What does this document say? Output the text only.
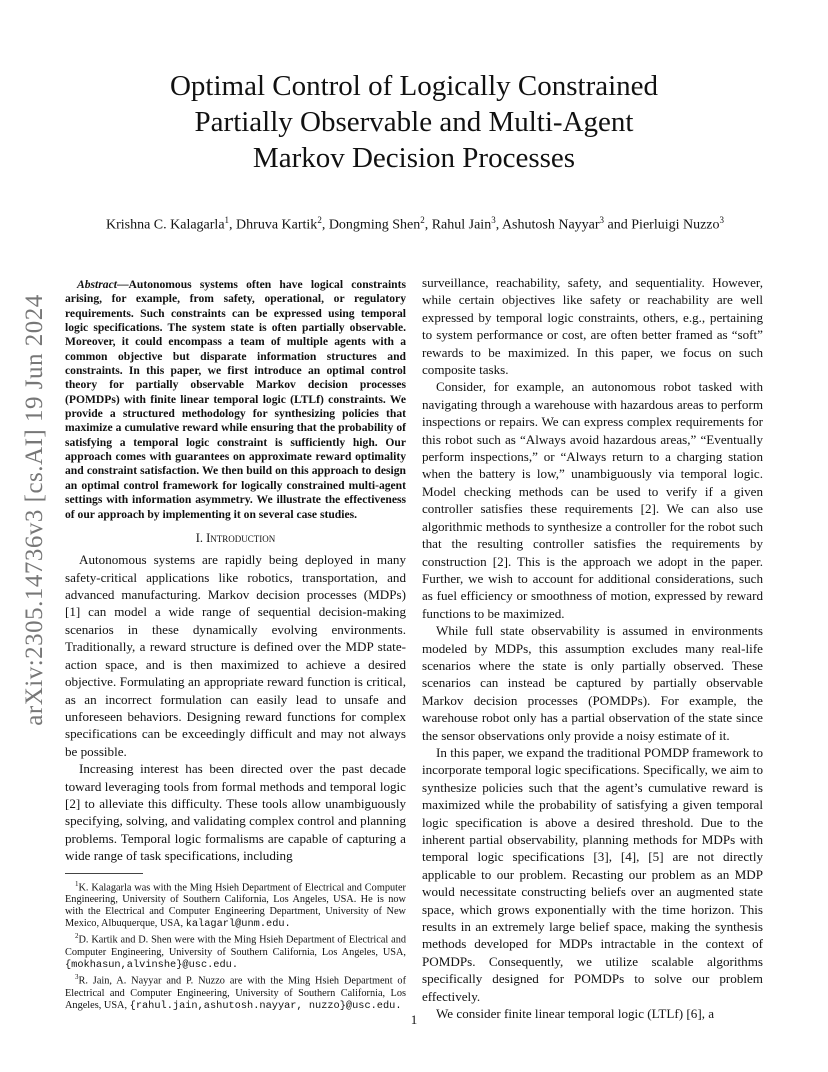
arXiv:2305.14736v3 [cs.AI] 19 Jun 2024
Optimal Control of Logically Constrained
Partially Observable and Multi-Agent
Markov Decision Processes
Krishna C. Kalagarla$^1$, Dhruva Kartik$^2$, Dongming Shen$^2$, Rahul Jain$^3$, Ashutosh Nayyar$^3$ and Pierluigi Nuzzo$^3$
Abstract—Autonomous systems often have logical constraints arising, for example, from safety, operational, or regulatory requirements. Such constraints can be expressed using temporal logic specifications. The system state is often partially observable. Moreover, it could encompass a team of multiple agents with a common objective but disparate information structures and constraints. In this paper, we first introduce an optimal control theory for partially observable Markov decision processes (POMDPs) with finite linear temporal logic (LTLf) constraints. We provide a structured methodology for synthesizing policies that maximize a cumulative reward while ensuring that the probability of satisfying a temporal logic constraint is sufficiently high. Our approach comes with guarantees on approximate reward optimality and constraint satisfaction. We then build on this approach to design an optimal control framework for logically constrained multi-agent settings with information asymmetry. We illustrate the effectiveness of our approach by implementing it on several case studies.
I. Introduction

Autonomous systems are rapidly being deployed in many safety-critical applications like robotics, transportation, and advanced manufacturing. Markov decision processes (MDPs) [1] can model a wide range of sequential decision-making scenarios in these dynamically evolving environments. Traditionally, a reward structure is defined over the MDP state-action space, and is then maximized to achieve a desired objective. Formulating an appropriate reward function is critical, as an incorrect formulation can easily lead to unsafe and unforeseen behaviors. Designing reward functions for complex specifications can be exceedingly difficult and may not always be possible.

Increasing interest has been directed over the past decade toward leveraging tools from formal methods and temporal logic [2] to alleviate this difficulty. These tools allow unambiguously specifying, solving, and validating complex control and planning problems. Temporal logic formalisms are capable of capturing a wide range of task specifications, including

$^1$K. Kalagarla was with the Ming Hsieh Department of Electrical and Computer Engineering, University of Southern California, Los Angeles, USA. He is now with the Electrical and Computer Engineering Department, University of New Mexico, Albuquerque, USA, kalagarl@unm.edu.

$^2$D. Kartik and D. Shen were with the Ming Hsieh Department of Electrical and Computer Engineering, University of Southern California, Los Angeles, USA, {mokhasun,alvinshe}@usc.edu.

$^3$R. Jain, A. Nayyar and P. Nuzzo are with the Ming Hsieh Department of Electrical and Computer Engineering, University of Southern California, Los Angeles, USA, {rahul.jain,ashutosh.nayyar, nuzzo}@usc.edu.

surveillance, reachability, safety, and sequentiality. However, while certain objectives like safety or reachability are well expressed by temporal logic constraints, others, e.g., pertaining to system performance or cost, are often better framed as “soft” rewards to be maximized. In this paper, we focus on such composite tasks.

Consider, for example, an autonomous robot tasked with navigating through a warehouse with hazardous areas to perform inspections or repairs. We can express complex requirements for this robot such as “Always avoid hazardous areas,” “Eventually perform inspections,” or “Always return to a charging station when the battery is low,” unambiguously via temporal logic. Model checking methods can be used to verify if a given controller satisfies these requirements [2]. We can also use algorithmic methods to synthesize a controller for the robot such that the resulting controller satisfies the requirements by construction [2]. This is the approach we adopt in the paper. Further, we wish to account for additional considerations, such as fuel efficiency or smoothness of motion, expressed by reward functions to be maximized.

While full state observability is assumed in environments modeled by MDPs, this assumption excludes many real-life scenarios where the state is only partially observed. These scenarios can instead be captured by partially observable Markov decision processes (POMDPs). For example, the warehouse robot only has a partial observation of the state since the sensor observations only provide a noisy estimate of it.

In this paper, we expand the traditional POMDP framework to incorporate temporal logic specifications. Specifically, we aim to synthesize policies such that the agent’s cumulative reward is maximized while the probability of satisfying a given temporal logic specification is above a desired threshold. Due to the inherent partial observability, planning methods for MDPs with temporal logic specifications [3], [4], [5] are not directly applicable to our problem. Recasting our problem as an MDP would necessitate constructing beliefs over an augmented state space, which grows exponentially with the time horizon. This results in an extremely large belief space, making the synthesis methods developed for MDPs intractable in the context of POMDPs. Consequently, we utilize scalable algorithms specifically designed for POMDPs to solve our problem effectively.

We consider finite linear temporal logic (LTLf) [6], a

1
